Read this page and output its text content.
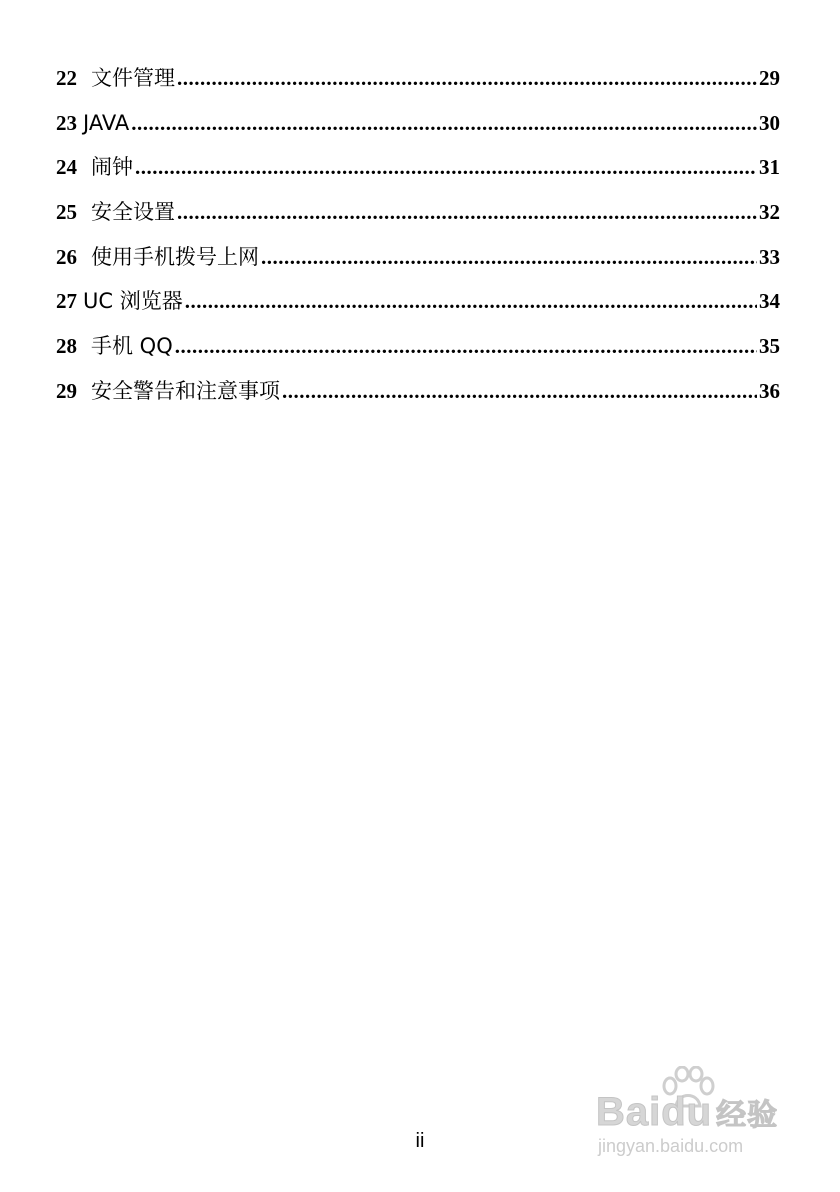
22 文件管理 .....	29
23 JAVA .....	30
24 闹钟 .....	31
25 安全设置 .....	32
26 使用手机拨号上网 .....	33
27 UC 浏览器 .....	34
28 手机 QQ .....	35
29 安全警告和注意事项 .....	36
ii
Baidu 经验
jingyan.baidu.com
